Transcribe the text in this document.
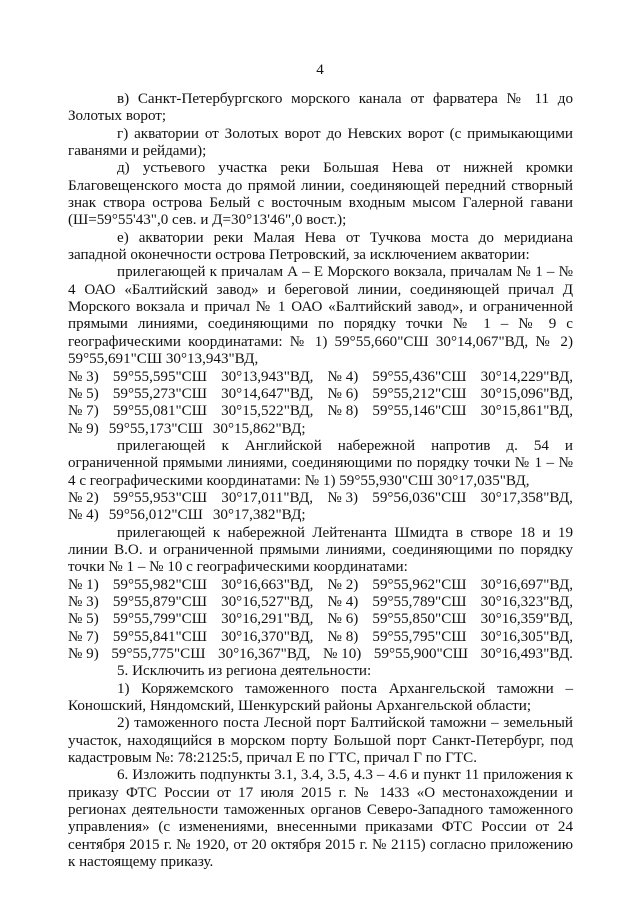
4

в) Санкт-Петербургского морского канала от фарватера № 11 до Золотых ворот;

г) акватории от Золотых ворот до Невских ворот (с примыкающими гаванями и рейдами);

д) устьевого участка реки Большая Нева от нижней кромки Благовещенского моста до прямой линии, соединяющей передний створный знак створа острова Белый с восточным входным мысом Галерной гавани (Ш=59°55'43",0 сев. и Д=30°13'46",0 вост.);

е) акватории реки Малая Нева от Тучкова моста до меридиана западной оконечности острова Петровский, за исключением акватории:

прилегающей к причалам А – Е Морского вокзала, причалам № 1 – № 4 ОАО «Балтийский завод» и береговой линии, соединяющей причал Д Морского вокзала и причал № 1 ОАО «Балтийский завод», и ограниченной прямыми линиями, соединяющими по порядку точки № 1 – № 9 с географическими координатами: № 1) 59°55,660"СШ 30°14,067"ВД, № 2) 59°55,691"СШ 30°13,943"ВД,

№ 3) 59°55,595"СШ 30°13,943"ВД, № 4) 59°55,436"СШ 30°14,229"ВД,
№ 5) 59°55,273"СШ 30°14,647"ВД, № 6) 59°55,212"СШ 30°15,096"ВД,
№ 7) 59°55,081"СШ 30°15,522"ВД, № 8) 59°55,146"СШ 30°15,861"ВД,
№ 9) 59°55,173"СШ 30°15,862"ВД;

прилегающей к Английской набережной напротив д. 54 и ограниченной прямыми линиями, соединяющими по порядку точки № 1 – № 4 с географическими координатами: № 1) 59°55,930"СШ 30°17,035"ВД,

№ 2) 59°55,953"СШ 30°17,011"ВД, № 3) 59°56,036"СШ 30°17,358"ВД,
№ 4) 59°56,012"СШ 30°17,382"ВД;

прилегающей к набережной Лейтенанта Шмидта в створе 18 и 19 линии В.О. и ограниченной прямыми линиями, соединяющими по порядку точки № 1 – № 10 с географическими координатами:

№ 1) 59°55,982"СШ 30°16,663"ВД, № 2) 59°55,962"СШ 30°16,697"ВД,
№ 3) 59°55,879"СШ 30°16,527"ВД, № 4) 59°55,789"СШ 30°16,323"ВД,
№ 5) 59°55,799"СШ 30°16,291"ВД, № 6) 59°55,850"СШ 30°16,359"ВД,
№ 7) 59°55,841"СШ 30°16,370"ВД, № 8) 59°55,795"СШ 30°16,305"ВД,
№ 9) 59°55,775"СШ 30°16,367"ВД, № 10) 59°55,900"СШ 30°16,493"ВД.

5. Исключить из региона деятельности:

1) Коряжемского таможенного поста Архангельской таможни – Коношский, Няндомский, Шенкурский районы Архангельской области;

2) таможенного поста Лесной порт Балтийской таможни – земельный участок, находящийся в морском порту Большой порт Санкт-Петербург, под кадастровым №: 78:2125:5, причал Е по ГТС, причал Г по ГТС.

6. Изложить подпункты 3.1, 3.4, 3.5, 4.3 – 4.6 и пункт 11 приложения к приказу ФТС России от 17 июля 2015 г. № 1433 «О местонахождении и регионах деятельности таможенных органов Северо-Западного таможенного управления» (с изменениями, внесенными приказами ФТС России от 24 сентября 2015 г. № 1920, от 20 октября 2015 г. № 2115) согласно приложению к настоящему приказу.
